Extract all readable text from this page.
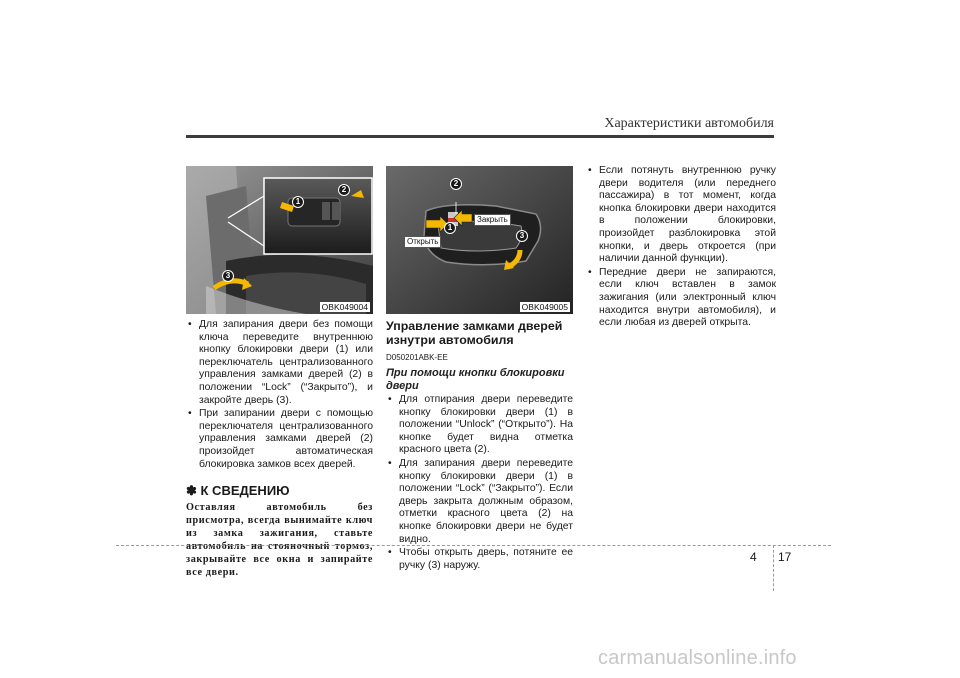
Характеристики автомобиля
1
2
3
OBK049004
• Для запирания двери без помощи ключа переведите внутреннюю кнопку блокировки двери (1) или переключатель централизованного управления замками дверей (2) в положении “Lock” (“Закрыто”), и закройте дверь (3).
• При запирании двери с помощью переключателя централизованного управления замками дверей (2) произойдет автоматическая блокировка замков всех дверей.
✽ К СВЕДЕНИЮ
Оставляя автомобиль без присмотра, всегда вынимайте ключ из замка зажигания, ставьте автомобиль на стояночный тормоз, закрывайте все окна и запирайте все двери.
2
1
3
Закрыть
Открыть
OBK049005
Управление замками дверей изнутри автомобиля
D050201ABK-EE
При помощи кнопки блокировки двери
• Для отпирания двери переведите кнопку блокировки двери (1) в положении “Unlock” (“Открыто”). На кнопке будет видна отметка красного цвета (2).
• Для запирания двери переведите кнопку блокировки двери (1) в положении “Lock” (“Закрыто”). Если дверь закрыта должным образом, отметки красного цвета (2) на кнопке блокировки двери не будет видно.
• Чтобы открыть дверь, потяните ее ручку (3) наружу.
• Если потянуть внутреннюю ручку двери водителя (или переднего пассажира) в тот момент, когда кнопка блокировки двери находится в положении блокировки, произойдет разблокировка этой кнопки, и дверь откроется (при наличии данной функции).
• Передние двери не запираются, если ключ вставлен в замок зажигания (или электронный ключ находится внутри автомобиля), и если любая из дверей открыта.
4 17
carmanualsonline.info
